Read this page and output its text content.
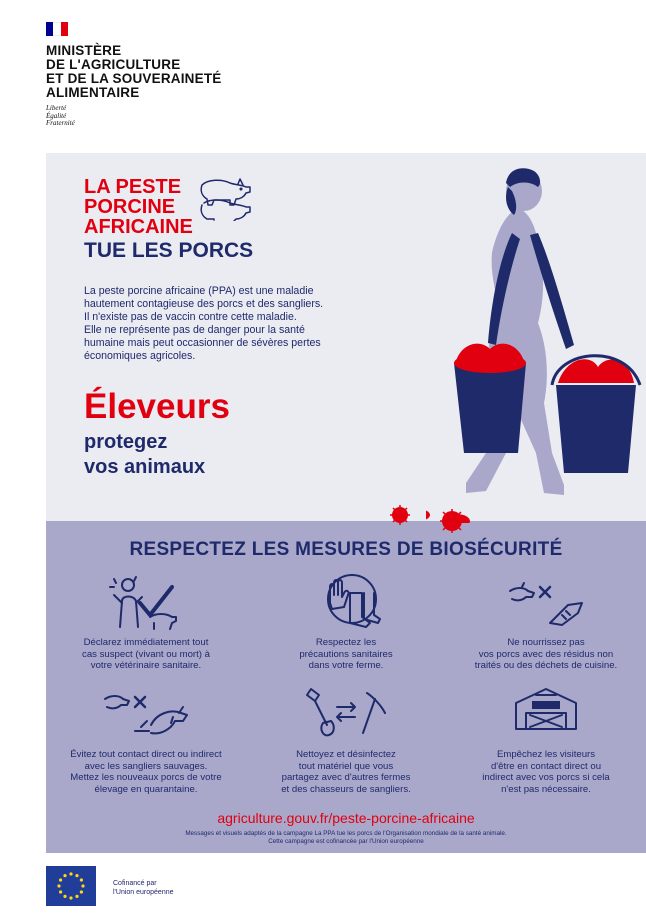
MINISTÈRE
DE L'AGRICULTURE
ET DE LA SOUVERAINETÉ
ALIMENTAIRE
Liberté
Égalité
Fraternité
LA PESTE
PORCINE
AFRICAINE
TUE LES PORCS
La peste porcine africaine (PPA) est une maladie
hautement contagieuse des porcs et des sangliers.
Il n'existe pas de vaccin contre cette maladie.
Elle ne représente pas de danger pour la santé
humaine mais peut occasionner de sévères pertes
économiques agricoles.
Éleveurs
protegez
vos animaux
RESPECTEZ LES MESURES DE BIOSÉCURITÉ
Déclarez immédiatement tout
cas suspect (vivant ou mort) à
votre vétérinaire sanitaire.
Respectez les
précautions sanitaires
dans votre ferme.
Ne nourrissez pas
vos porcs avec des résidus non
traités ou des déchets de cuisine.
Évitez tout contact direct ou indirect
avec les sangliers sauvages.
Mettez les nouveaux porcs de votre
élevage en quarantaine.
Nettoyez et désinfectez
tout matériel que vous
partagez avec d'autres fermes
et des chasseurs de sangliers.
Empêchez les visiteurs
d'être en contact direct ou
indirect avec vos porcs si cela
n'est pas nécessaire.
agriculture.gouv.fr/peste-porcine-africaine
Messages et visuels adaptés de la campagne La PPA tue les porcs de l'Organisation mondiale de la santé animale.
Cette campagne est cofinancée par l'Union européenne
Cofinancé par
l'Union européenne
